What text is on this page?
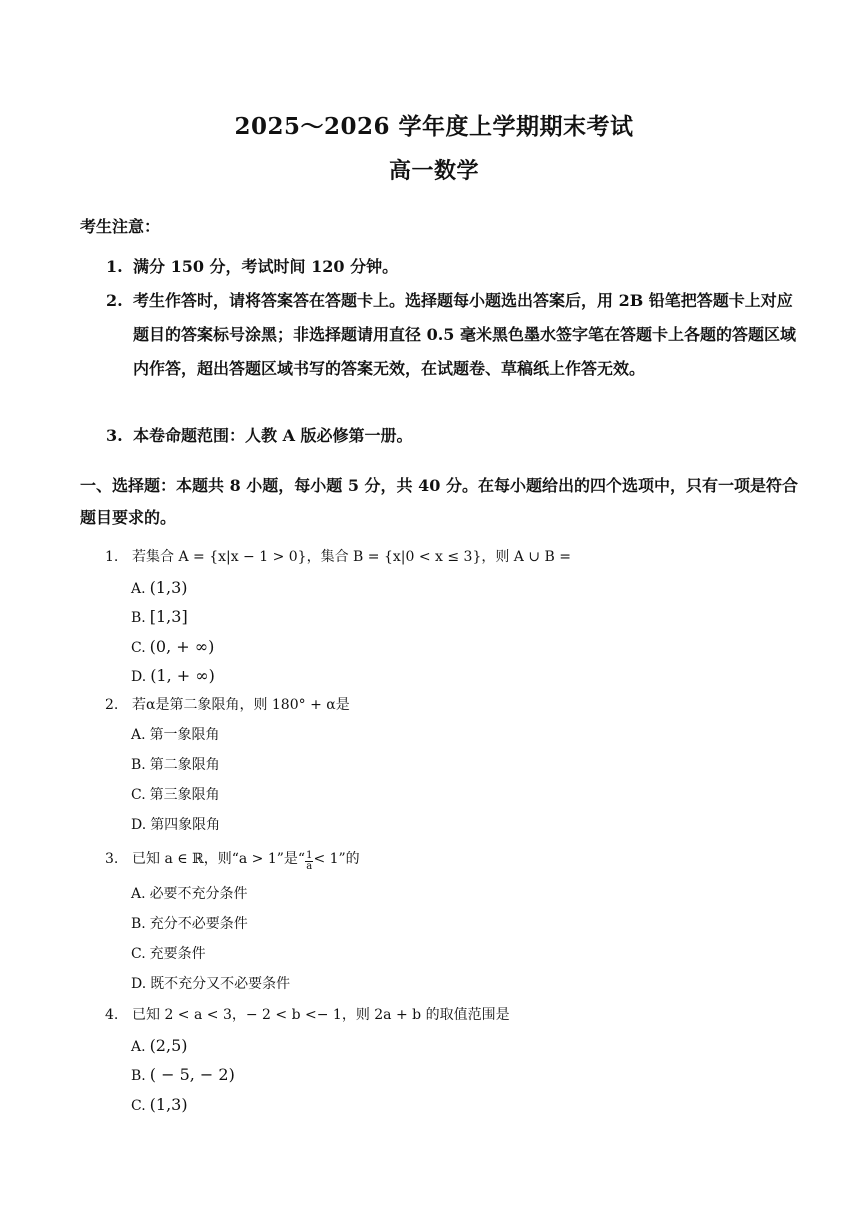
2025～2026 学年度上学期期末考试
高一数学
考生注意：
1. 满分 150 分，考试时间 120 分钟。
2. 考生作答时，请将答案答在答题卡上。选择题每小题选出答案后，用 2B 铅笔把答题卡上对应题目的答案标号涂黑；非选择题请用直径 0.5 毫米黑色墨水签字笔在答题卡上各题的答题区域内作答，超出答题区域书写的答案无效，在试题卷、草稿纸上作答无效。
3. 本卷命题范围：人教 A 版必修第一册。
一、选择题：本题共 8 小题，每小题 5 分，共 40 分。在每小题给出的四个选项中，只有一项是符合题目要求的。
1. 若集合 A = {x|x − 1 > 0}，集合 B = {x|0 < x ≤ 3}，则 A ∪ B =
A. (1,3)
B. [1,3]
C. (0, + ∞)
D. (1, + ∞)
2. 若α是第二象限角，则 180° + α是
A. 第一象限角
B. 第二象限角
C. 第三象限角
D. 第四象限角
3. 已知 a ∈ ℝ，则“a > 1”是“ $\frac{1}{a} < 1$”的
A. 必要不充分条件
B. 充分不必要条件
C. 充要条件
D. 既不充分又不必要条件
4. 已知 2 < a < 3，− 2 < b <− 1，则 2a + b 的取值范围是
A. (2,5)
B. ( − 5, − 2)
C. (1,3)
